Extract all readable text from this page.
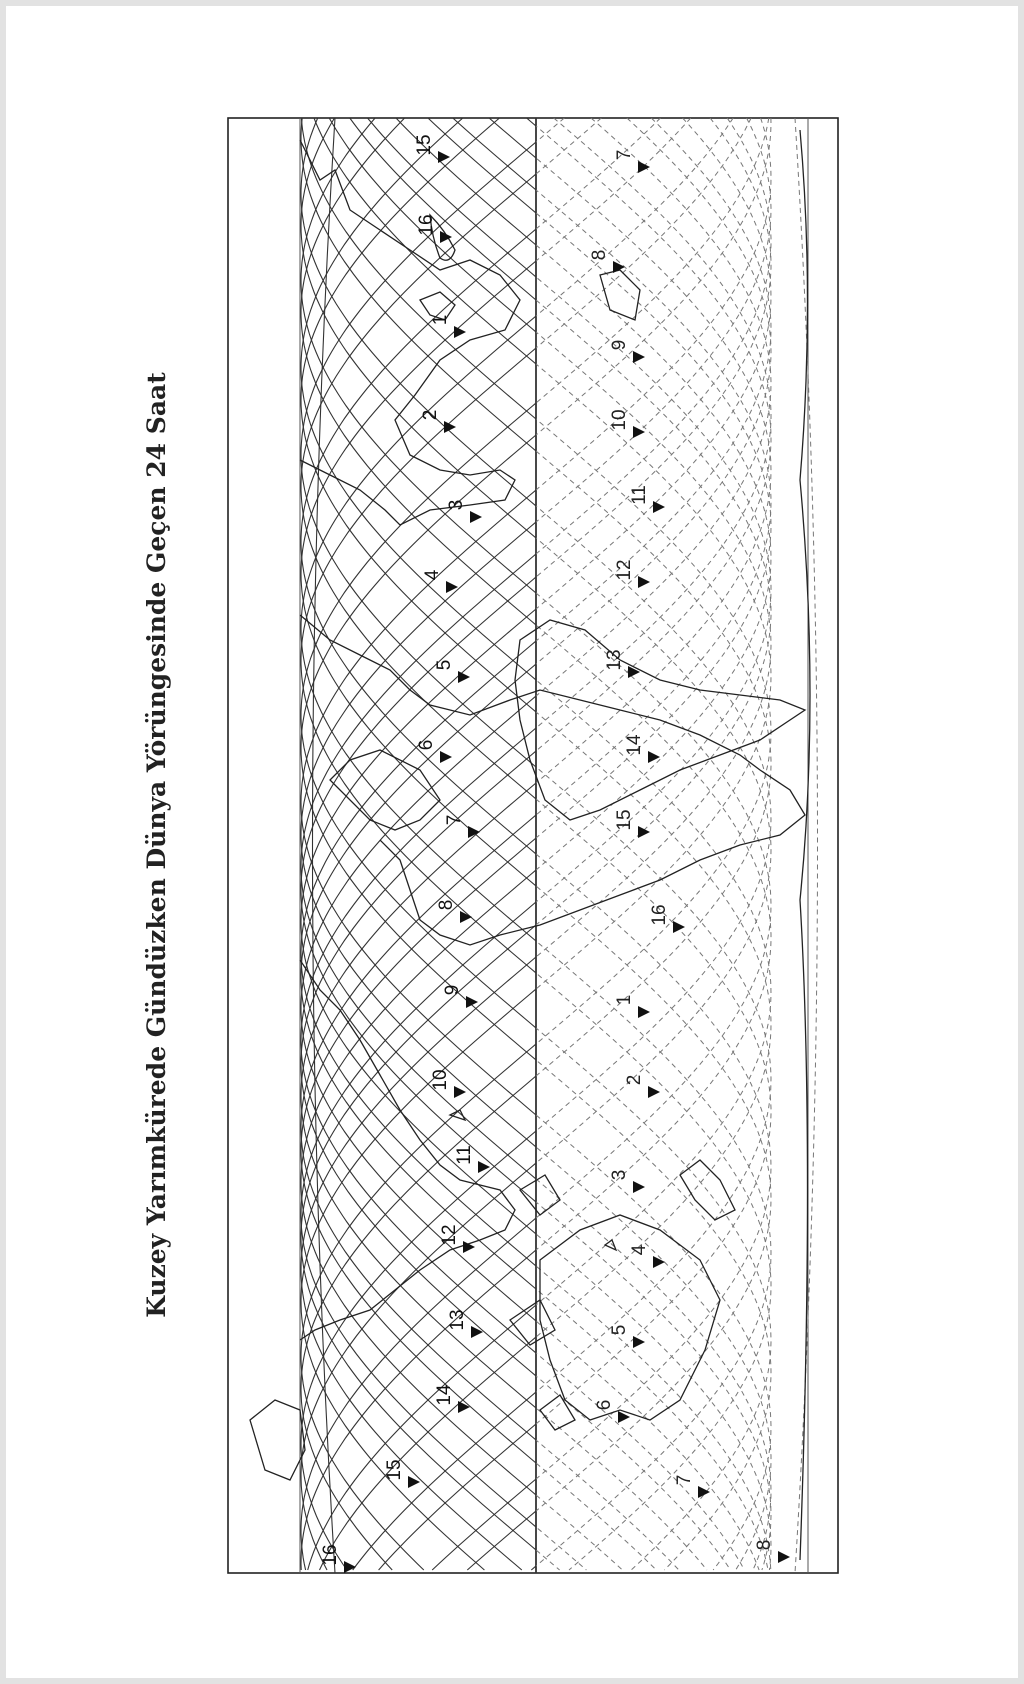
Kuzey Yarımkürede Gündüzken Dünya Yörüngesinde Geçen 24 Saat
16
15
14
13
12
11
10
9
8
7
6
5
4
3
2
1
16
15
8
7
6
5
4
3
2
1
16
15
14
13
12
11
10
9
8
7
